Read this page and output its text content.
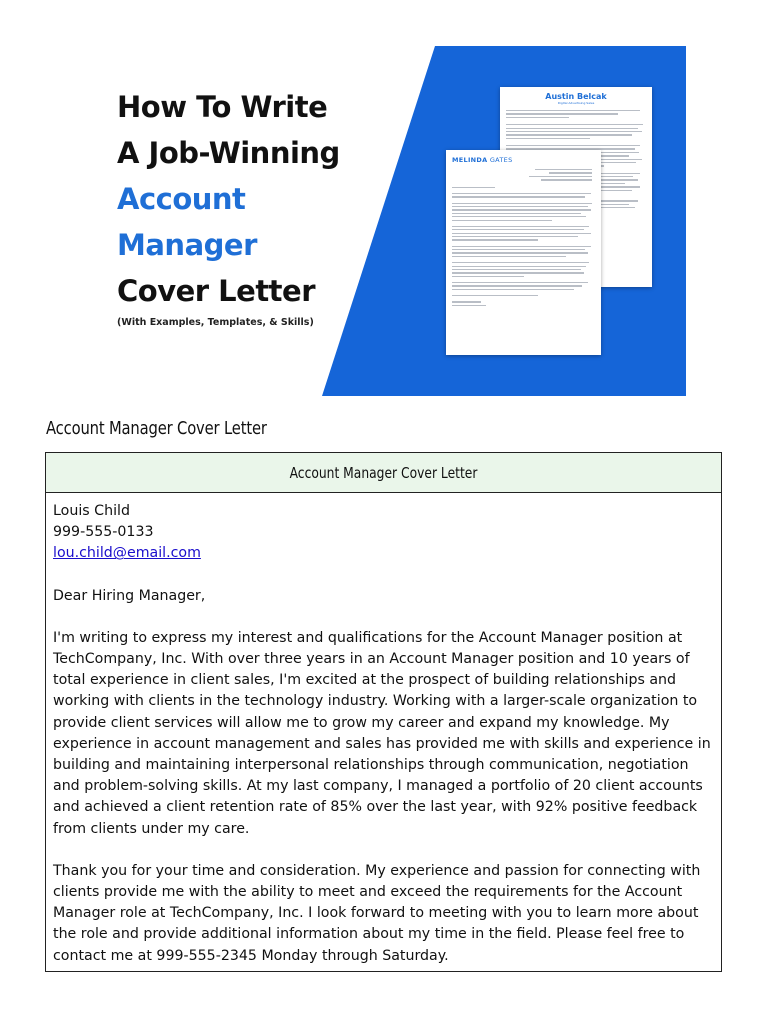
How To Write
A Job-Winning
Account
Manager
Cover Letter
(With Examples, Templates, & Skills)
Austin Belcak
Digital Advertising Sales
MELINDA GATES
Account Manager Cover Letter
Account Manager Cover Letter

Louis Child

999-555-0133

lou.child@email.com

Dear Hiring Manager,

I'm writing to express my interest and qualifications for the Account Manager position at TechCompany, Inc. With over three years in an Account Manager position and 10 years of total experience in client sales, I'm excited at the prospect of building relationships and working with clients in the technology industry. Working with a larger-scale organization to provide client services will allow me to grow my career and expand my knowledge. My experience in account management and sales has provided me with skills and experience in building and maintaining interpersonal relationships through communication, negotiation and problem-solving skills. At my last company, I managed a portfolio of 20 client accounts and achieved a client retention rate of 85% over the last year, with 92% positive feedback from clients under my care.

Thank you for your time and consideration. My experience and passion for connecting with clients provide me with the ability to meet and exceed the requirements for the Account Manager role at TechCompany, Inc. I look forward to meeting with you to learn more about the role and provide additional information about my time in the field. Please feel free to contact me at 999-555-2345 Monday through Saturday.
